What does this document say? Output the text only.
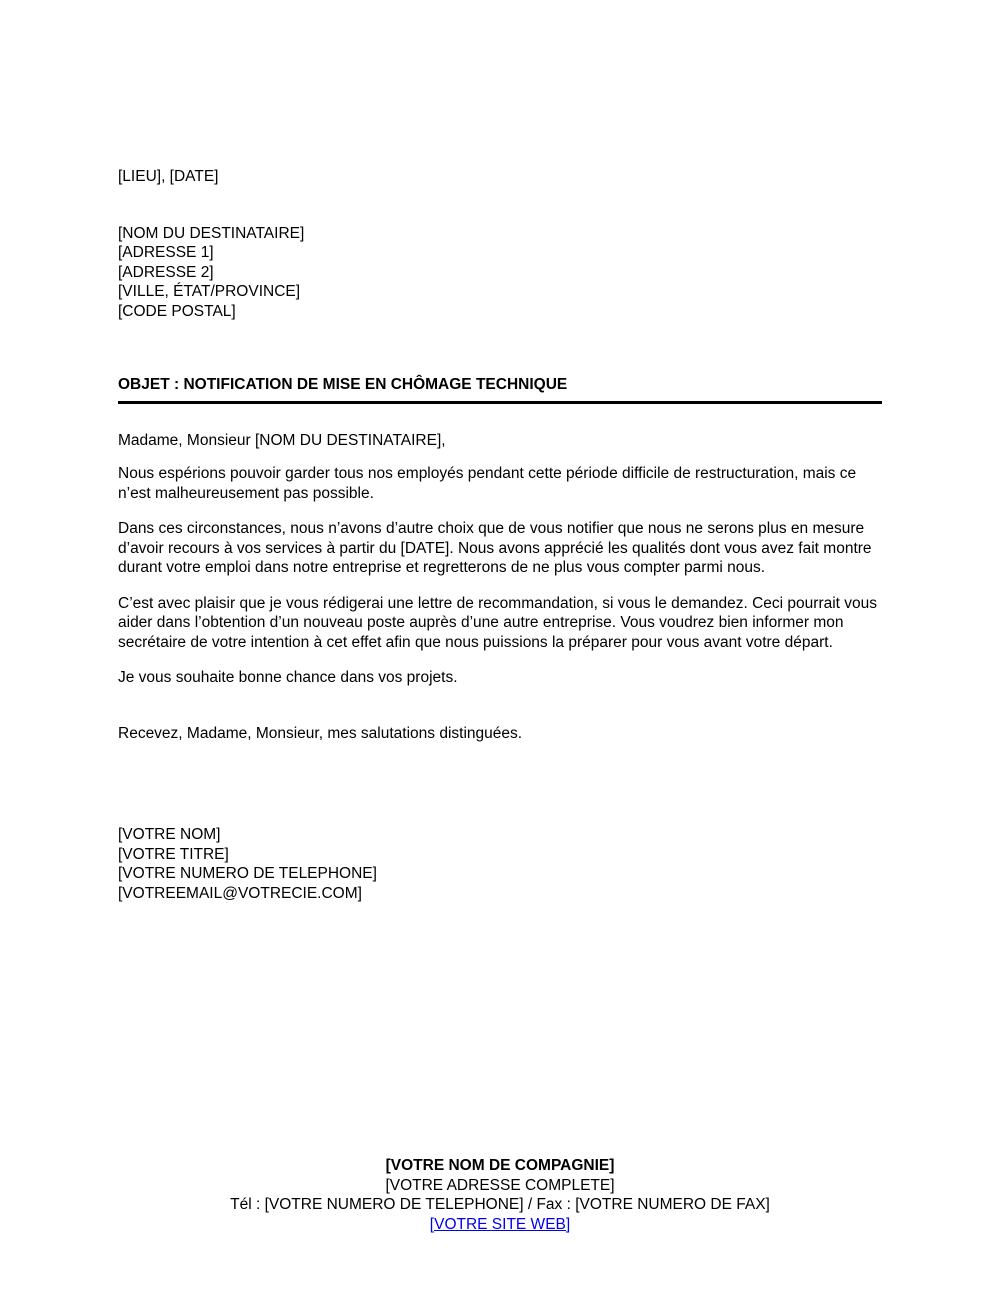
[LIEU], [DATE]
[NOM DU DESTINATAIRE]
[ADRESSE 1]
[ADRESSE 2]
[VILLE, ÉTAT/PROVINCE]
[CODE POSTAL]
OBJET : NOTIFICATION DE MISE EN CHÔMAGE TECHNIQUE
Madame, Monsieur [NOM DU DESTINATAIRE],

Nous espérions pouvoir garder tous nos employés pendant cette période difficile de restructuration, mais ce n’est malheureusement pas possible.

Dans ces circonstances, nous n’avons d’autre choix que de vous notifier que nous ne serons plus en mesure d’avoir recours à vos services à partir du [DATE]. Nous avons apprécié les qualités dont vous avez fait montre durant votre emploi dans notre entreprise et regretterons de ne plus vous compter parmi nous.

C’est avec plaisir que je vous rédigerai une lettre de recommandation, si vous le demandez. Ceci pourrait vous aider dans l’obtention d’un nouveau poste auprès d’une autre entreprise. Vous voudrez bien informer mon secrétaire de votre intention à cet effet afin que nous puissions la préparer pour vous avant votre départ.

Je vous souhaite bonne chance dans vos projets.

Recevez, Madame, Monsieur, mes salutations distinguées.
[VOTRE NOM]
[VOTRE TITRE]
[VOTRE NUMERO DE TELEPHONE]
[VOTREEMAIL@VOTRECIE.COM]
[VOTRE NOM DE COMPAGNIE]
[VOTRE ADRESSE COMPLETE]
Tél : [VOTRE NUMERO DE TELEPHONE] / Fax : [VOTRE NUMERO DE FAX]
[VOTRE SITE WEB]
